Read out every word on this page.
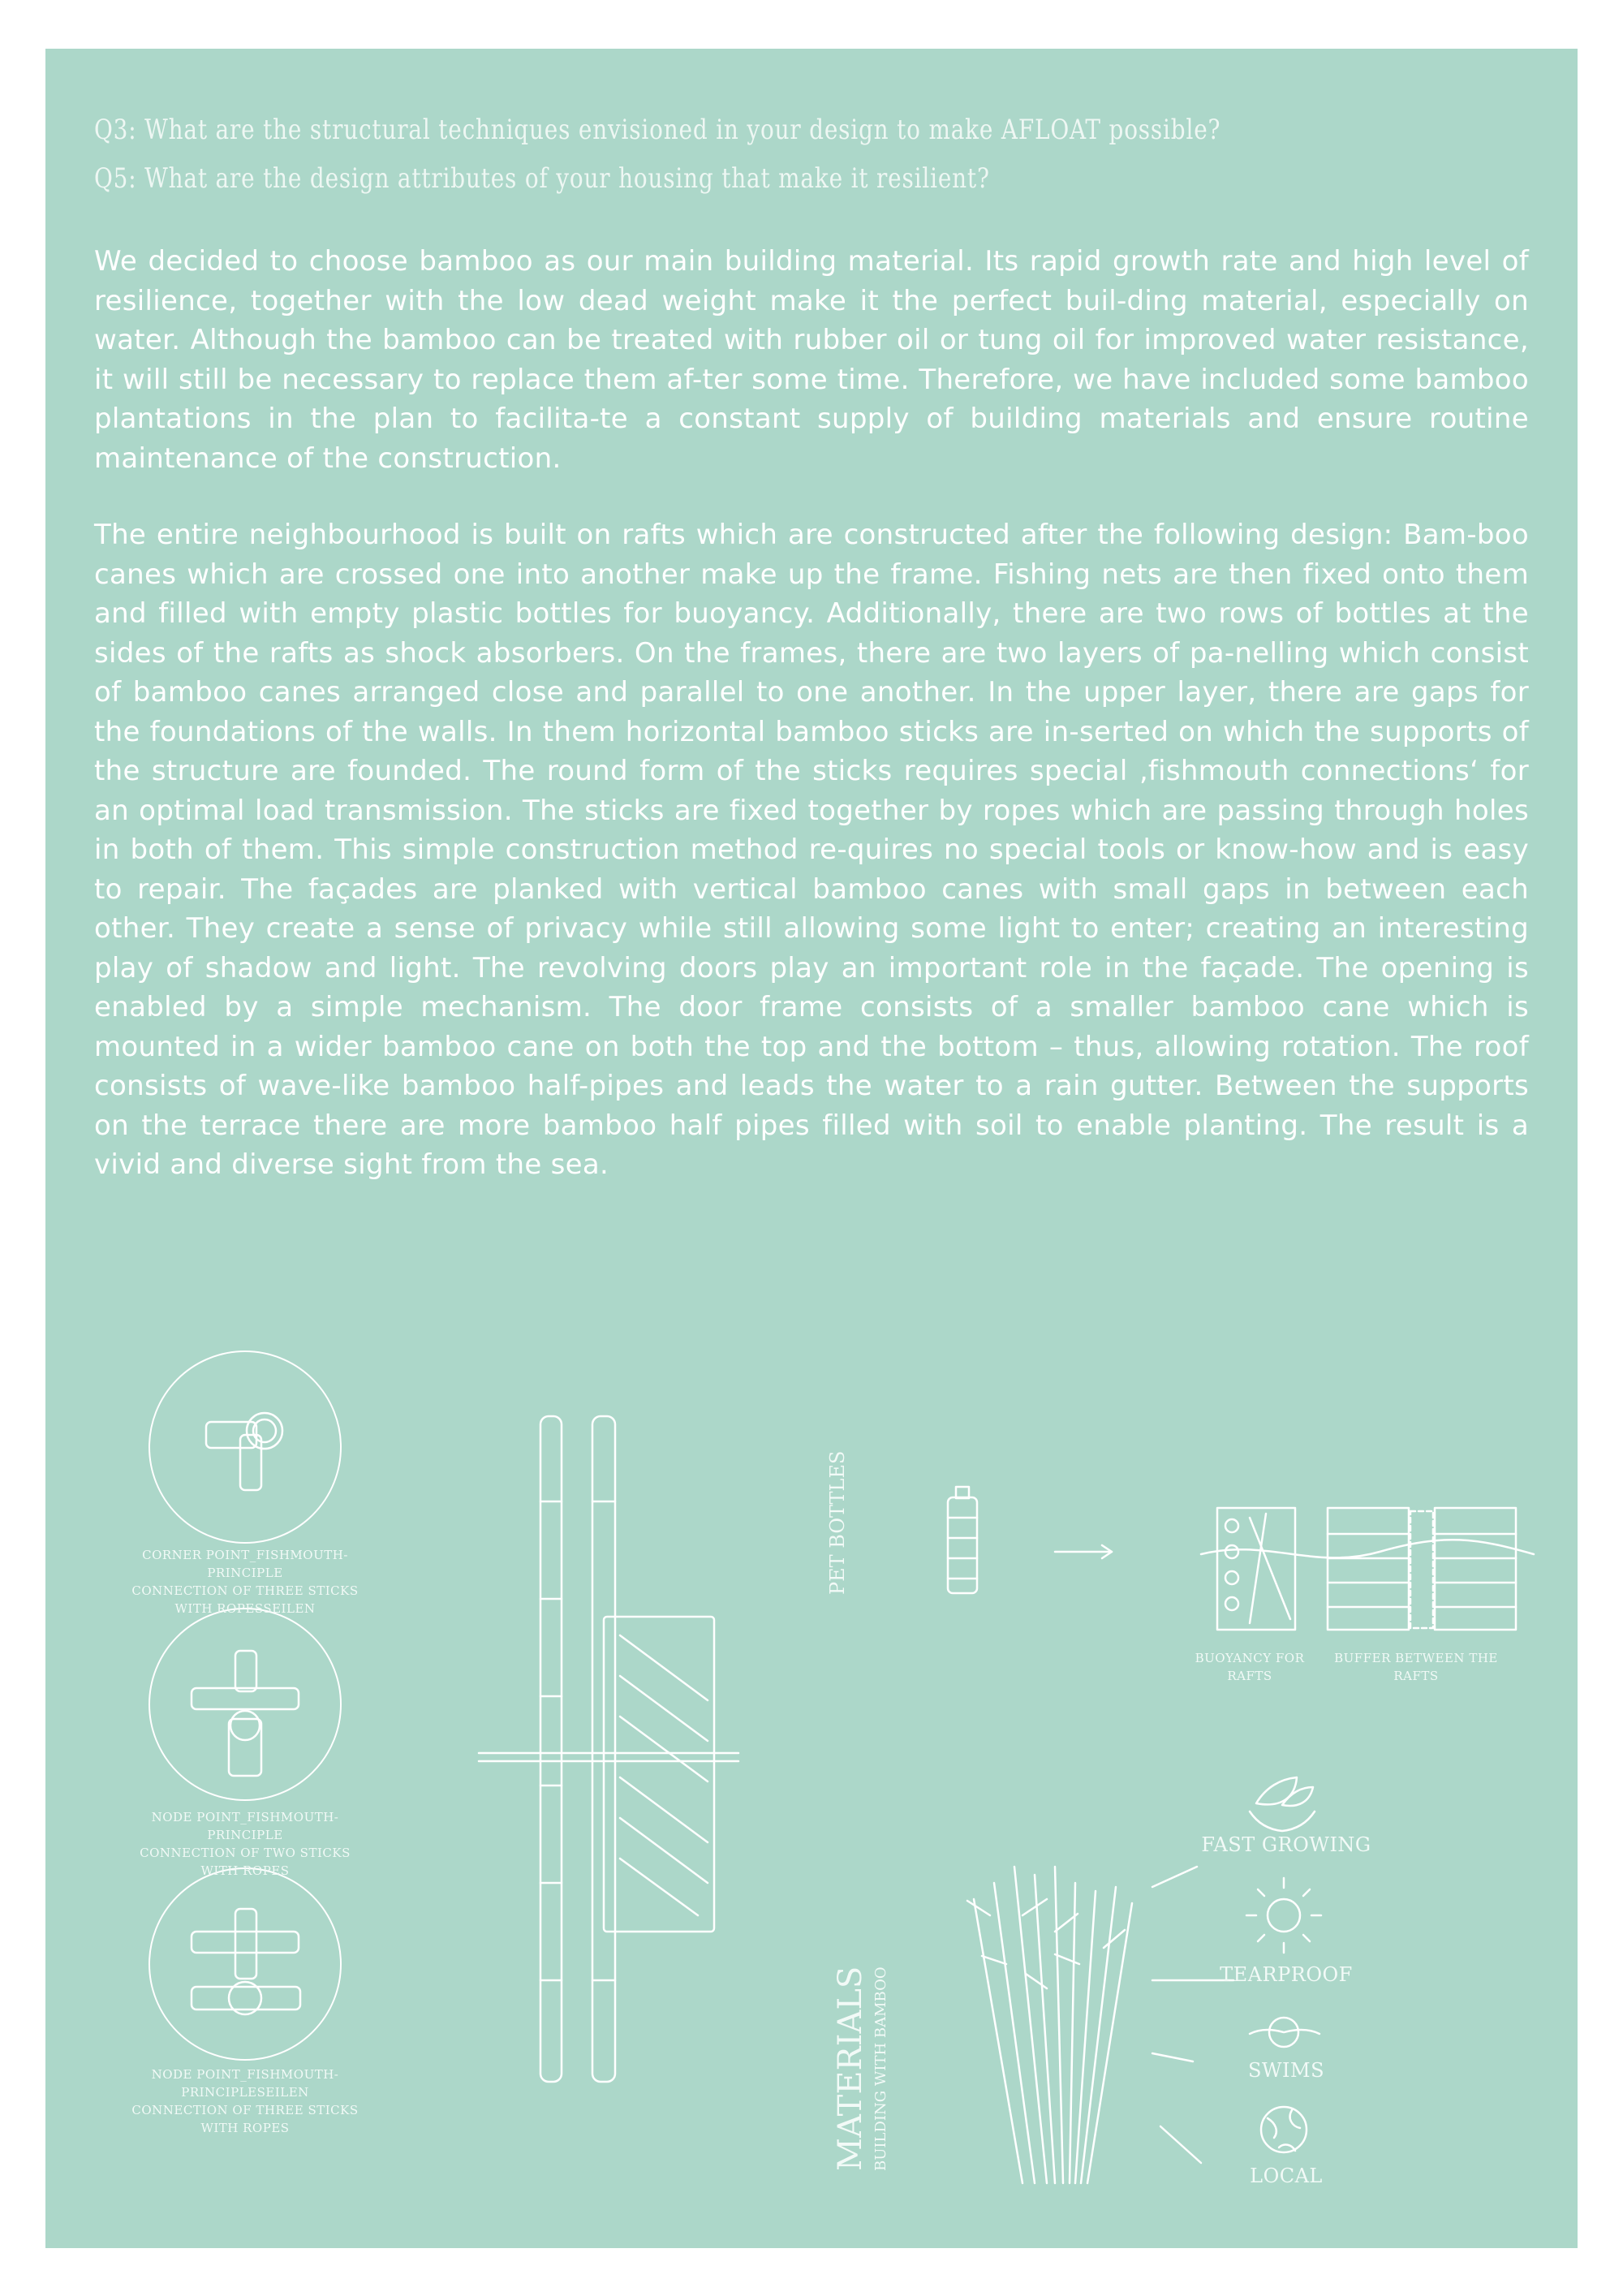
Q3: What are the structural techniques envisioned in your design to make AFLOAT possible?
Q5: What are the design attributes of your housing that make it resilient?
We decided to choose bamboo as our main building material. Its rapid growth rate and high level of resilience, together with the low dead weight make it the perfect buil-ding material, especially on water. Although the bamboo can be treated with rubber oil or tung oil for improved water resistance, it will still be necessary to replace them af-ter some time. Therefore, we have included some bamboo plantations in the plan to facilita-te a constant supply of building materials and ensure routine maintenance of the construction.
The entire neighbourhood is built on rafts which are constructed after the following design: Bam-boo canes which are crossed one into another make up the frame. Fishing nets are then fixed onto them and filled with empty plastic bottles for buoyancy. Additionally, there are two rows of bottles at the sides of the rafts as shock absorbers. On the frames, there are two layers of pa-nelling which consist of bamboo canes arranged close and parallel to one another. In the upper layer, there are gaps for the foundations of the walls. In them horizontal bamboo sticks are in-serted on which the supports of the structure are founded. The round form of the sticks requires special ‚fishmouth connections‘ for an optimal load transmission. The sticks are fixed together by ropes which are passing through holes in both of them. This simple construction method re-quires no special tools or know-how and is easy to repair. The façades are planked with vertical bamboo canes with small gaps in between each other. They create a sense of privacy while still allowing some light to enter; creating an interesting play of shadow and light. The revolving doors play an important role in the façade. The opening is enabled by a simple mechanism. The door frame consists of a smaller bamboo cane which is mounted in a wider bamboo cane on both the top and the bottom – thus, allowing rotation. The roof consists of wave-like bamboo half-pipes and leads the water to a rain gutter. Between the supports on the terrace there are more bamboo half pipes filled with soil to enable planting. The result is a vivid and diverse sight from the sea.
CORNER POINT_FISHMOUTH-PRINCIPLE
CONNECTION OF THREE STICKS WITH ROPESSEILEN
NODE POINT_FISHMOUTH-PRINCIPLE
CONNECTION OF TWO STICKS WITH ROPES
NODE POINT_FISHMOUTH-PRINCIPLESEILEN
CONNECTION OF THREE STICKS WITH ROPES
PET BOTTLES
BUOYANCY FOR RAFTS
BUFFER BETWEEN THE RAFTS
MATERIALS BUILDING WITH BAMBOO
FAST GROWING
TEARPROOF
SWIMS
LOCAL
